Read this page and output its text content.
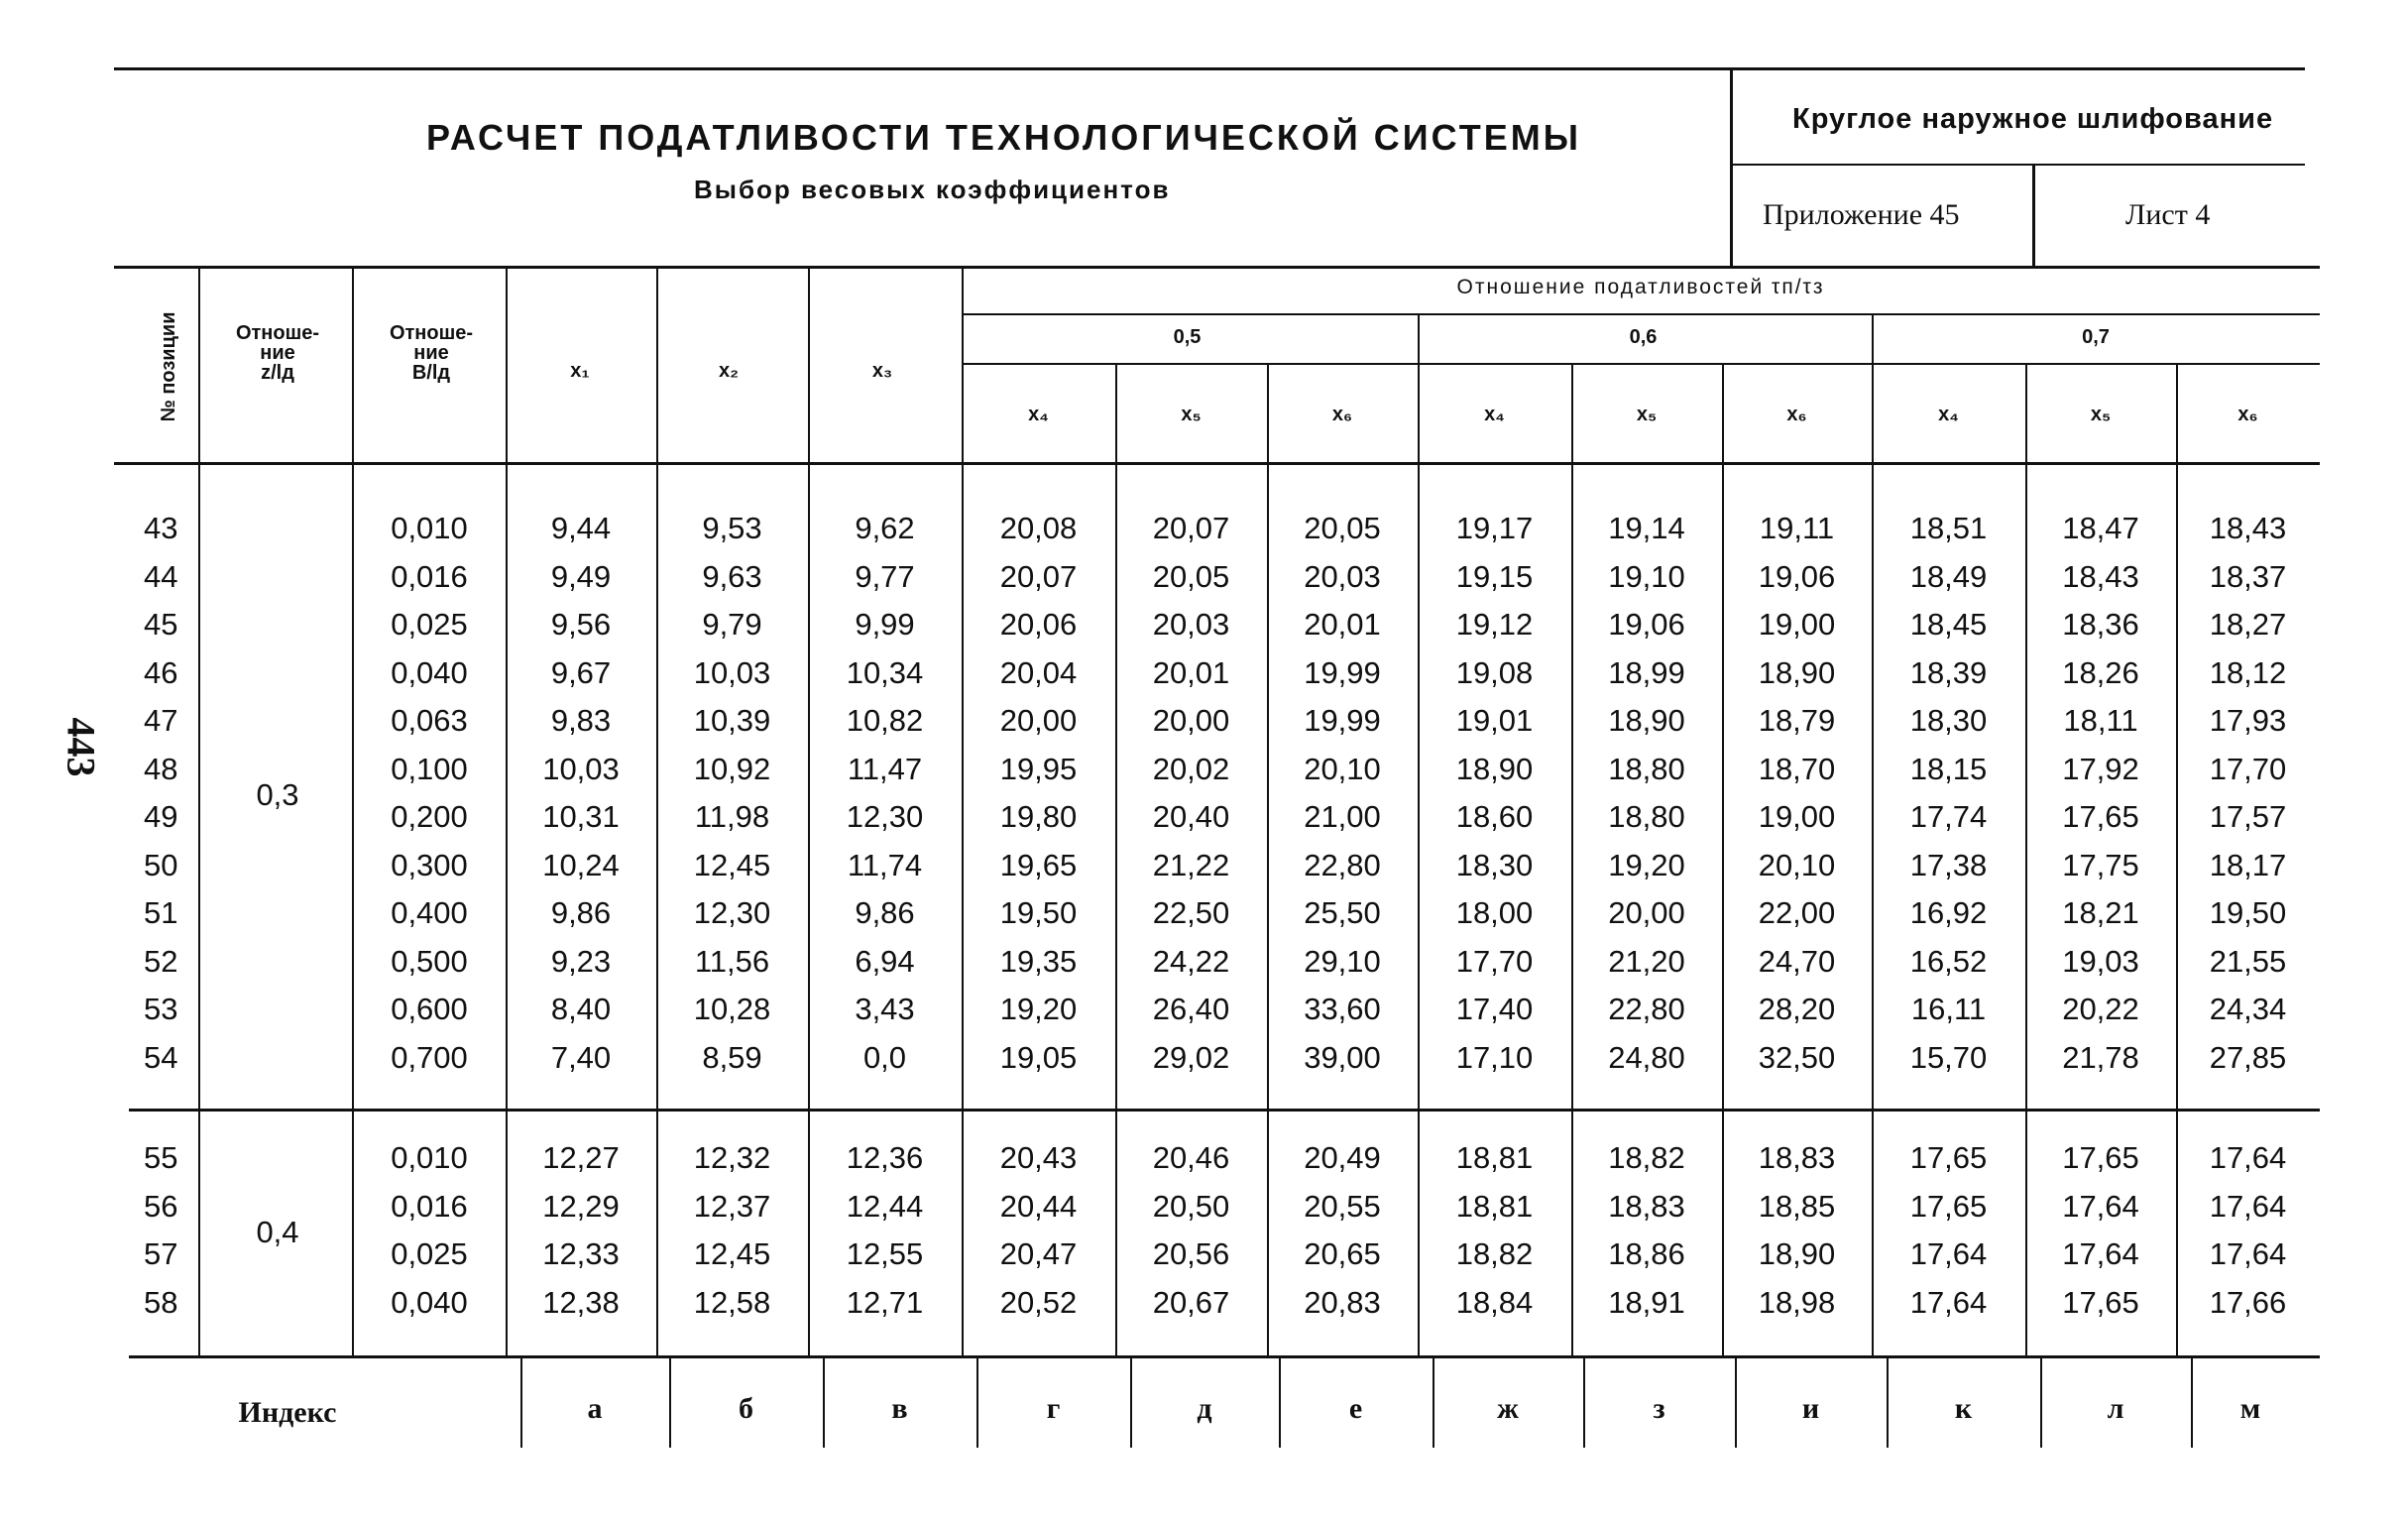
РАСЧЕТ ПОДАТЛИВОСТИ ТЕХНОЛОГИЧЕСКОЙ СИСТЕМЫ
Выбор весовых коэффициентов
Круглое наружное шлифование
Приложение 45	Лист 4
443
№ позиции	Отноше-
ние
z/lд
Отноше-
ние
B/lд	x₁	x₂	x₃
Отношение податливостей τп/τз
0,5	0,6	0,7
x₄	x₅	x₆	x₄	x₅	x₆	x₄	x₅	x₆
0,3
43	0,010	9,44	9,53	9,62	20,08	20,07	20,05	19,17	19,14	19,11	18,51	18,47	18,43
44	0,016	9,49	9,63	9,77	20,07	20,05	20,03	19,15	19,10	19,06	18,49	18,43	18,37
45	0,025	9,56	9,79	9,99	20,06	20,03	20,01	19,12	19,06	19,00	18,45	18,36	18,27
46	0,040	9,67	10,03	10,34	20,04	20,01	19,99	19,08	18,99	18,90	18,39	18,26	18,12
47	0,063	9,83	10,39	10,82	20,00	20,00	19,99	19,01	18,90	18,79	18,30	18,11	17,93
48	0,100	10,03	10,92	11,47	19,95	20,02	20,10	18,90	18,80	18,70	18,15	17,92	17,70
49	0,200	10,31	11,98	12,30	19,80	20,40	21,00	18,60	18,80	19,00	17,74	17,65	17,57
50	0,300	10,24	12,45	11,74	19,65	21,22	22,80	18,30	19,20	20,10	17,38	17,75	18,17
51	0,400	9,86	12,30	9,86	19,50	22,50	25,50	18,00	20,00	22,00	16,92	18,21	19,50
52	0,500	9,23	11,56	6,94	19,35	24,22	29,10	17,70	21,20	24,70	16,52	19,03	21,55
53	0,600	8,40	10,28	3,43	19,20	26,40	33,60	17,40	22,80	28,20	16,11	20,22	24,34
54	0,700	7,40	8,59	0,0	19,05	29,02	39,00	17,10	24,80	32,50	15,70	21,78	27,85
0,4
55	0,010	12,27	12,32	12,36	20,43	20,46	20,49	18,81	18,82	18,83	17,65	17,65	17,64
56	0,016	12,29	12,37	12,44	20,44	20,50	20,55	18,81	18,83	18,85	17,65	17,64	17,64
57	0,025	12,33	12,45	12,55	20,47	20,56	20,65	18,82	18,86	18,90	17,64	17,64	17,64
58	0,040	12,38	12,58	12,71	20,52	20,67	20,83	18,84	18,91	18,98	17,64	17,65	17,66
Индекс	а	б	в	г	д	е	ж	з	и	к	л	м
